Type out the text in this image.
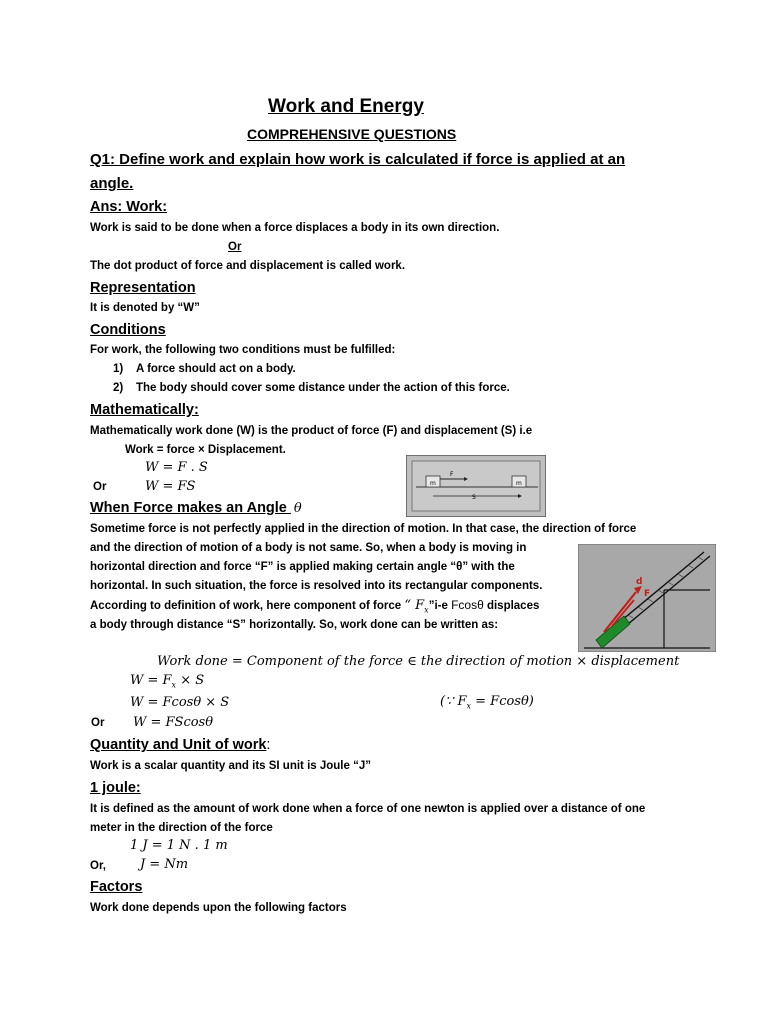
Work and Energy
COMPREHENSIVE QUESTIONS
Q1: Define work and explain how work is calculated if force is applied at an
angle.
Ans: Work:
Work is said to be done when a force displaces a body in its own direction.
Or
The dot product of force and displacement is called work.
Representation
It is denoted by “W”
Conditions
For work, the following two conditions must be fulfilled:
1) A force should act on a body.
2) The body should cover some distance under the action of this force.
Mathematically:
Mathematically work done (W) is the product of force (F) and displacement (S) i.e
Work = force × Displacement.
W = F . S
Or	W = FS	m	m
F
S
When Force makes an Angle θ
Sometime force is not perfectly applied in the direction of motion. In that case, the direction of force
and the direction of motion of a body is not same. So, when a body is moving in
horizontal direction and force “F” is applied making certain angle “θ” with the
horizontal. In such situation, the force is resolved into its rectangular components.
According to definition of work, here component of force “ $F_x”i-e$ Fcosθ displaces
a body through distance “S” horizontally. So, work done can be written as:
d
F
Work done = Component of the force ∈ the direction of motion × displacement
$W = F_x \times S$
W = Fcosθ × S	(∵ $F_x = Fcos\theta$)
Or W = FScosθ
Quantity and Unit of work:
Work is a scalar quantity and its SI unit is Joule “J”
1 joule:
It is defined as the amount of work done when a force of one newton is applied over a distance of one
meter in the direction of the force
1 J = 1 N . 1 m
Or,	J = Nm
Factors
Work done depends upon the following factors
